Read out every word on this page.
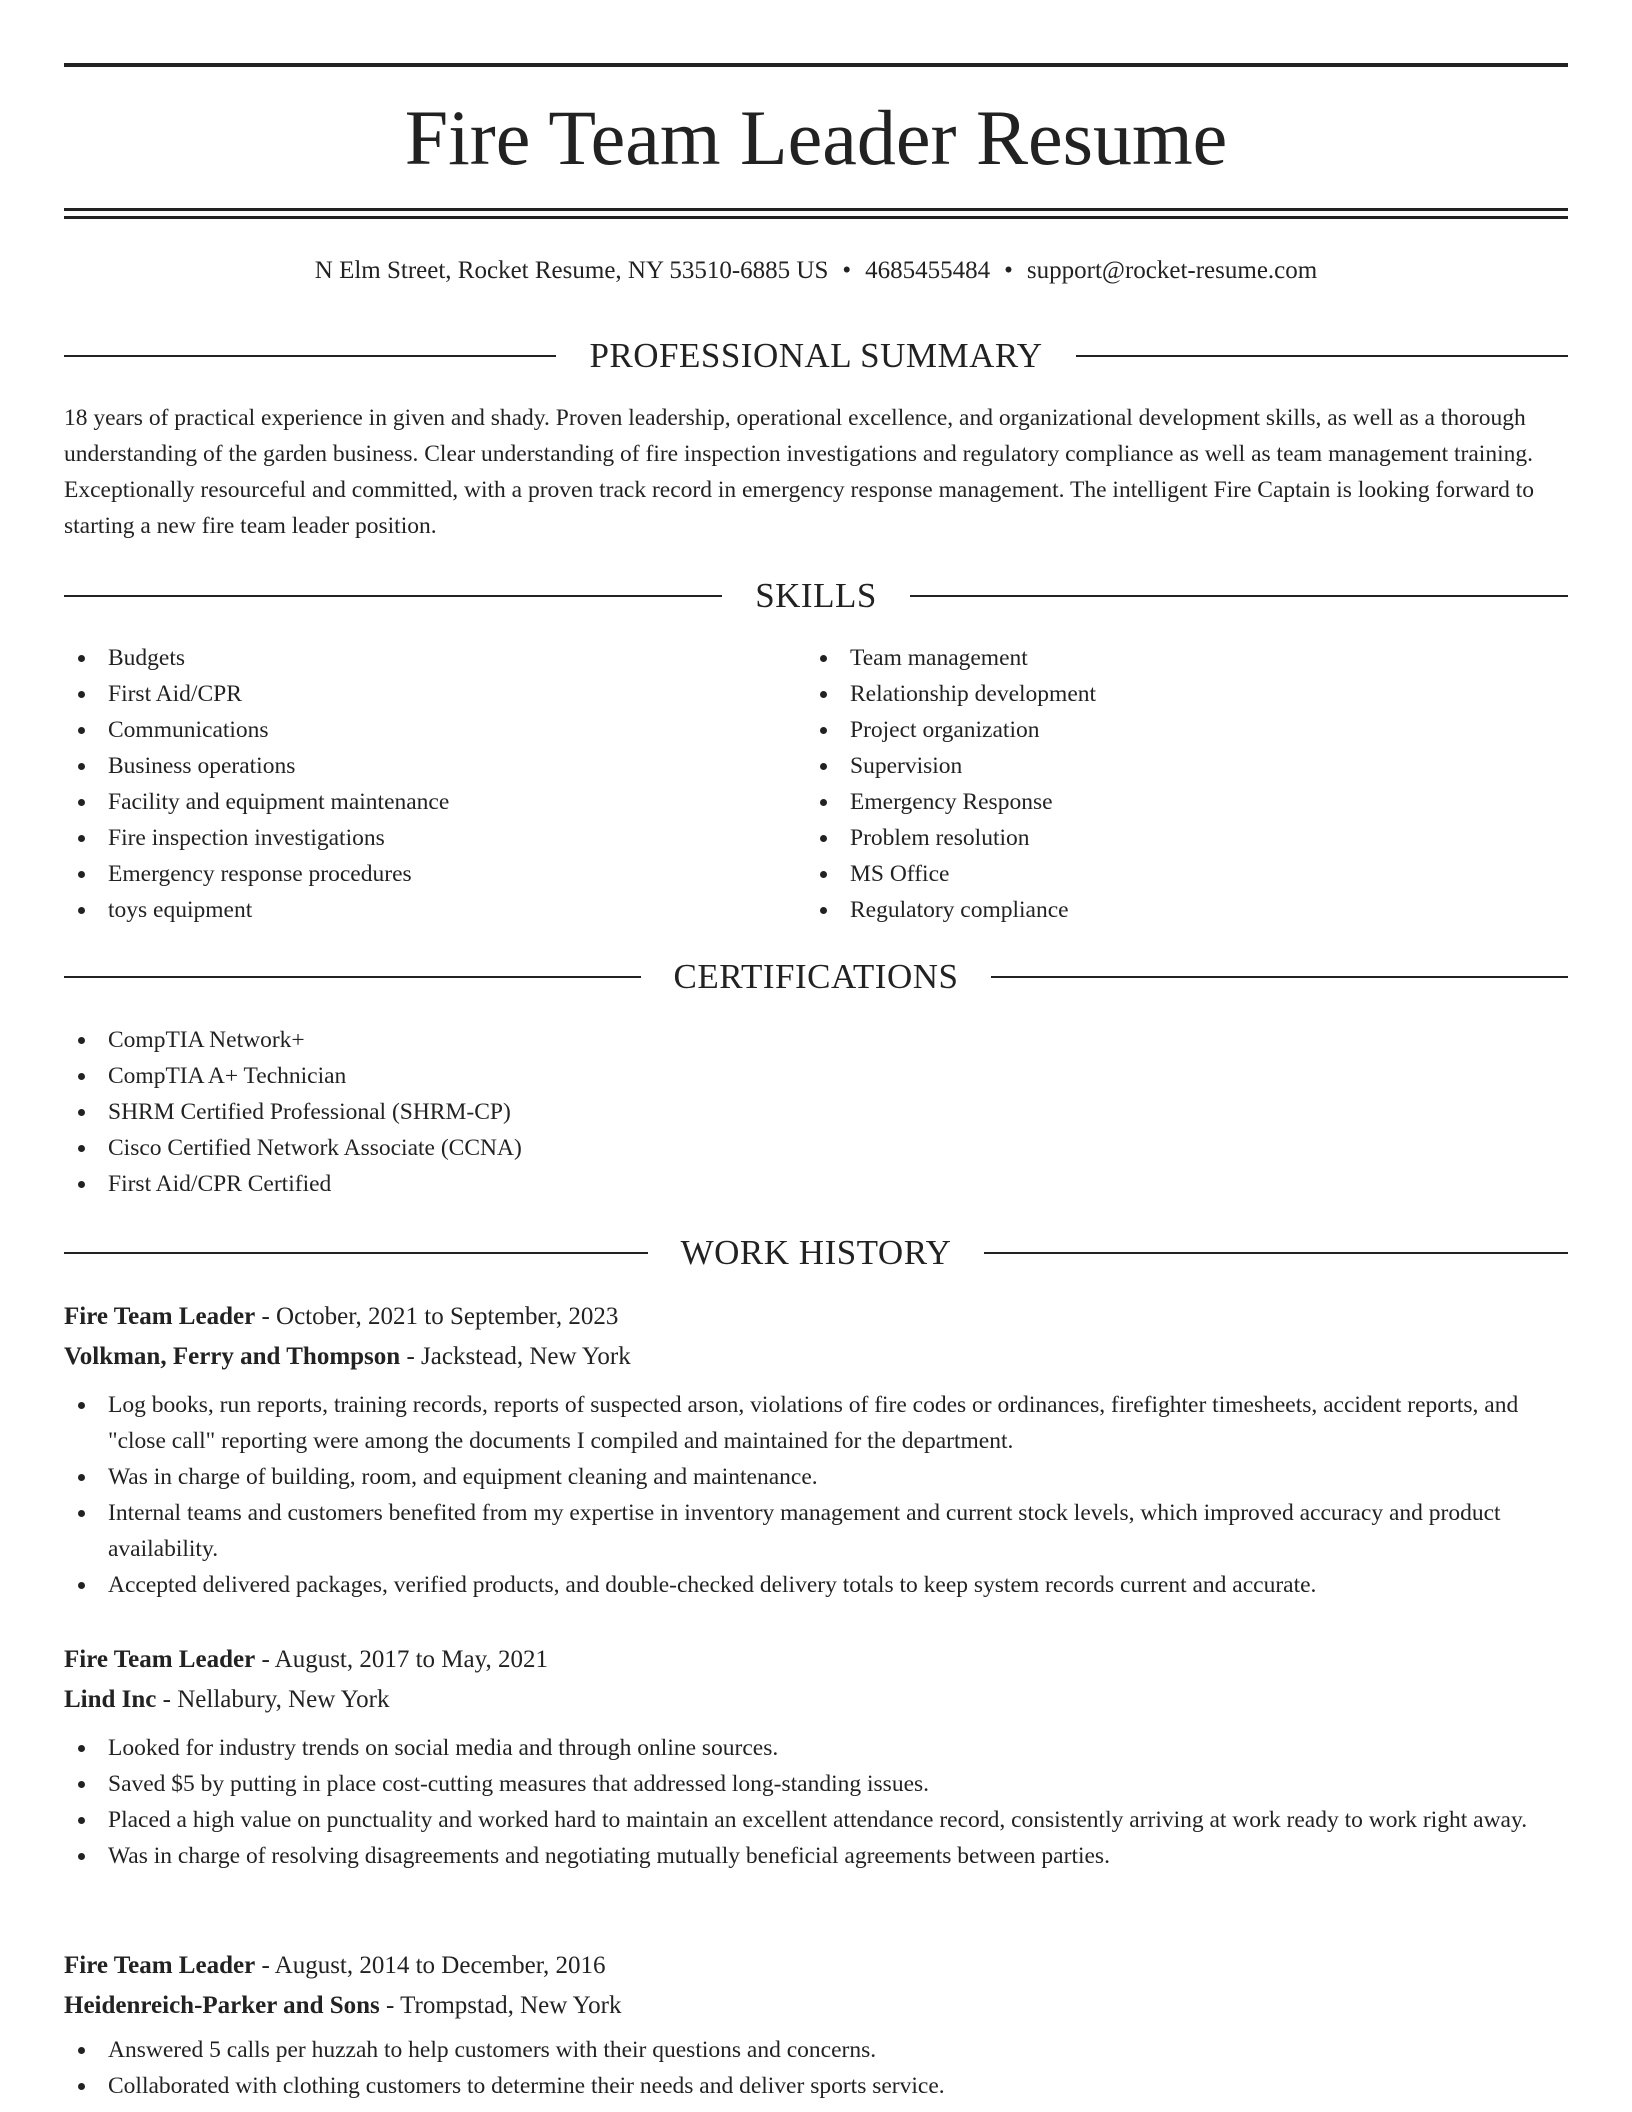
Fire Team Leader Resume
N Elm Street, Rocket Resume, NY 53510-6885 US • 4685455484 • support@rocket-resume.com
PROFESSIONAL SUMMARY

18 years of practical experience in given and shady. Proven leadership, operational excellence, and organizational development skills, as well as a thorough understanding of the garden business. Clear understanding of fire inspection investigations and regulatory compliance as well as team management training. Exceptionally resourceful and committed, with a proven track record in emergency response management. The intelligent Fire Captain is looking forward to starting a new fire team leader position.

SKILLS
Budgets
First Aid/CPR
Communications
Business operations
Facility and equipment maintenance
Fire inspection investigations
Emergency response procedures
toys equipment
Team management
Relationship development
Project organization
Supervision
Emergency Response
Problem resolution
MS Office
Regulatory compliance
CERTIFICATIONS
CompTIA Network+
CompTIA A+ Technician
SHRM Certified Professional (SHRM-CP)
Cisco Certified Network Associate (CCNA)
First Aid/CPR Certified
WORK HISTORY
Fire Team Leader - October, 2021 to September, 2023
Volkman, Ferry and Thompson - Jackstead, New York
Log books, run reports, training records, reports of suspected arson, violations of fire codes or ordinances, firefighter timesheets, accident reports, and "close call" reporting were among the documents I compiled and maintained for the department.
Was in charge of building, room, and equipment cleaning and maintenance.
Internal teams and customers benefited from my expertise in inventory management and current stock levels, which improved accuracy and product availability.
Accepted delivered packages, verified products, and double-checked delivery totals to keep system records current and accurate.
Fire Team Leader - August, 2017 to May, 2021
Lind Inc - Nellabury, New York
Looked for industry trends on social media and through online sources.
Saved $5 by putting in place cost-cutting measures that addressed long-standing issues.
Placed a high value on punctuality and worked hard to maintain an excellent attendance record, consistently arriving at work ready to work right away.
Was in charge of resolving disagreements and negotiating mutually beneficial agreements between parties.
Fire Team Leader - August, 2014 to December, 2016
Heidenreich-Parker and Sons - Trompstad, New York
Answered 5 calls per huzzah to help customers with their questions and concerns.
Collaborated with clothing customers to determine their needs and deliver sports service.
